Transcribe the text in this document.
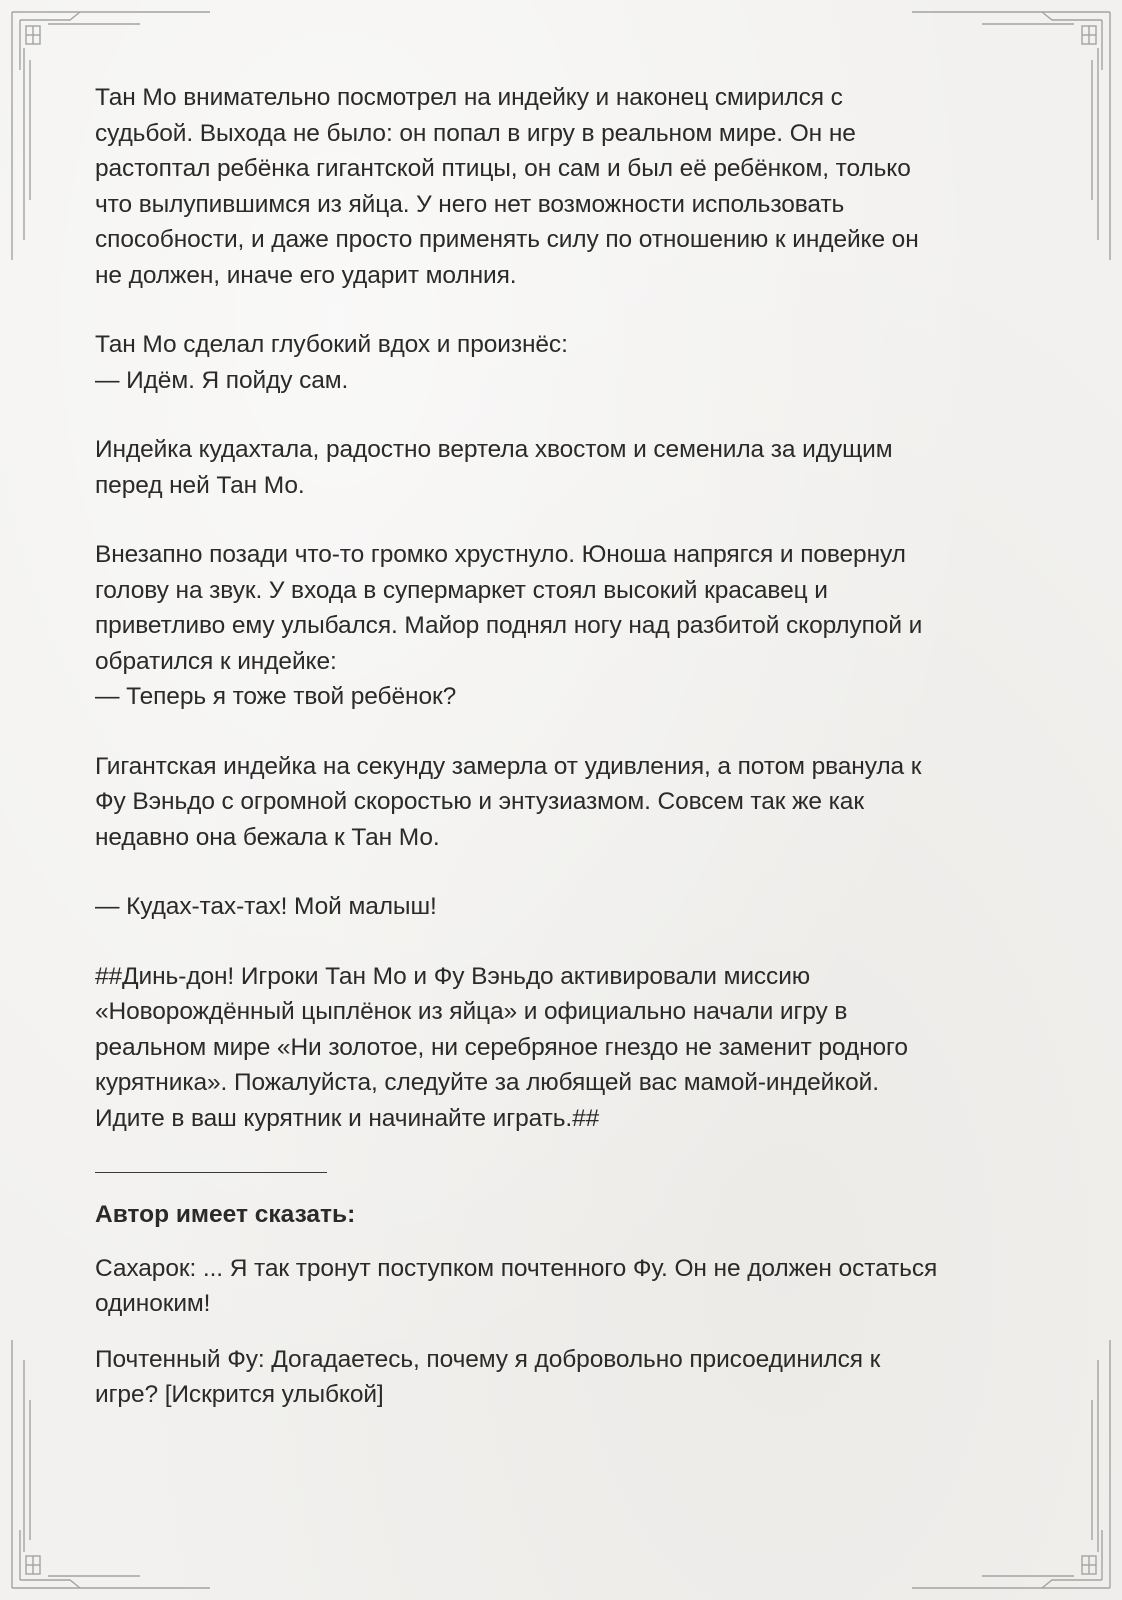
Тан Мо внимательно посмотрел на индейку и наконец смирился с
судьбой. Выхода не было: он попал в игру в реальном мире. Он не
растоптал ребёнка гигантской птицы, он сам и был её ребёнком, только
что вылупившимся из яйца. У него нет возможности использовать
способности, и даже просто применять силу по отношению к индейке он
не должен, иначе его ударит молния.

Тан Мо сделал глубокий вдох и произнёс:
— Идём. Я пойду сам.

Индейка кудахтала, радостно вертела хвостом и семенила за идущим
перед ней Тан Мо.

Внезапно позади что-то громко хрустнуло. Юноша напрягся и повернул
голову на звук. У входа в супермаркет стоял высокий красавец и
приветливо ему улыбался. Майор поднял ногу над разбитой скорлупой и
обратился к индейке:
— Теперь я тоже твой ребёнок?

Гигантская индейка на секунду замерла от удивления, а потом рванула к
Фу Вэньдо с огромной скоростью и энтузиазмом. Совсем так же как
недавно она бежала к Тан Мо.

— Кудах-тах-тах! Мой малыш!

##Динь-дон! Игроки Тан Мо и Фу Вэньдо активировали миссию
«Новорождённый цыплёнок из яйца» и официально начали игру в
реальном мире «Ни золотое, ни серебряное гнездо не заменит родного
курятника». Пожалуйста, следуйте за любящей вас мамой-индейкой.
Идите в ваш курятник и начинайте играть.##

Автор имеет сказать:

Сахарок: ... Я так тронут поступком почтенного Фу. Он не должен остаться
одиноким!

Почтенный Фу: Догадаетесь, почему я добровольно присоединился к
игре? [Искрится улыбкой]
